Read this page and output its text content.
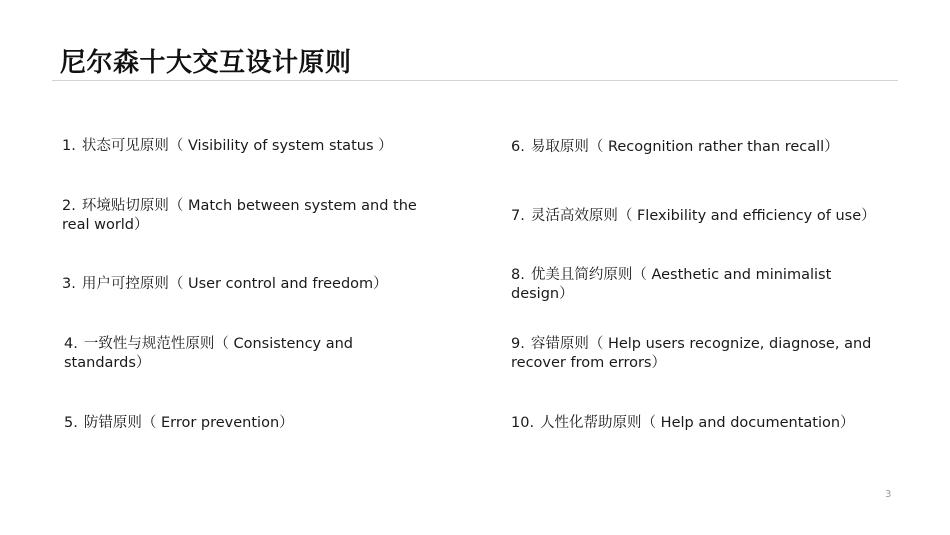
尼尔森十大交互设计原则

1. 状态可见原则（ Visibility of system status ）

2. 环境贴切原则（ Match between system and the real world）

3. 用户可控原则（ User control and freedom）

4. 一致性与规范性原则（ Consistency and standards）

5. 防错原则（ Error prevention）

6. 易取原则（ Recognition rather than recall）

7. 灵活高效原则（ Flexibility and efficiency of use）

8. 优美且简约原则（ Aesthetic and minimalist design）

9. 容错原则（ Help users recognize, diagnose, and recover from errors）

10. 人性化帮助原则（ Help and documentation）

3
